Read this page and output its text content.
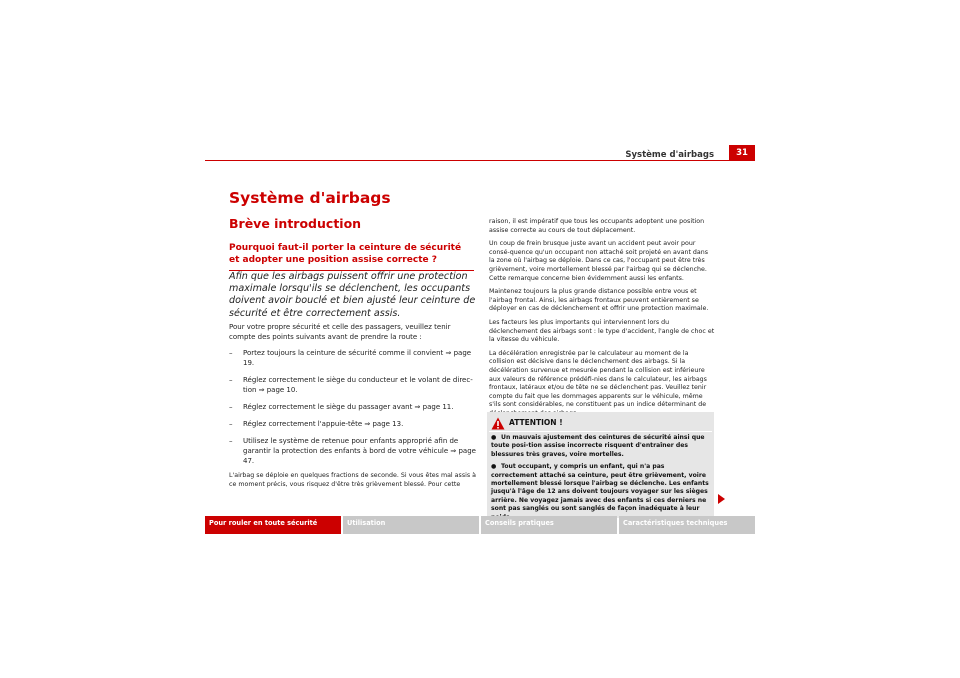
Système d'airbags	31
Système d'airbags
Brève introduction
Pourquoi faut-il porter la ceinture de sécurité et adopter une position assise correcte ?
Afin que les airbags puissent offrir une protection maximale lorsqu'ils se déclenchent, les occupants doivent avoir bouclé et bien ajusté leur ceinture de sécurité et être correctement assis.
Pour votre propre sécurité et celle des passagers, veuillez tenir compte des points suivants avant de prendre la route :
– Portez toujours la ceinture de sécurité comme il convient ⇒ page 19.
– Réglez correctement le siège du conducteur et le volant de direc-tion ⇒ page 10.
– Réglez correctement le siège du passager avant ⇒ page 11.
– Réglez correctement l'appuie-tête ⇒ page 13.
– Utilisez le système de retenue pour enfants approprié afin de garantir la protection des enfants à bord de votre véhicule ⇒ page 47.
L'airbag se déploie en quelques fractions de seconde. Si vous êtes mal assis à ce moment précis, vous risquez d'être très grièvement blessé. Pour cette

raison, il est impératif que tous les occupants adoptent une position assise correcte au cours de tout déplacement.

Un coup de frein brusque juste avant un accident peut avoir pour consé-quence qu'un occupant non attaché soit projeté en avant dans la zone où l'airbag se déploie. Dans ce cas, l'occupant peut être très grièvement, voire mortellement blessé par l'airbag qui se déclenche. Cette remarque concerne bien évidemment aussi les enfants.

Maintenez toujours la plus grande distance possible entre vous et l'airbag frontal. Ainsi, les airbags frontaux peuvent entièrement se déployer en cas de déclenchement et offrir une protection maximale.

Les facteurs les plus importants qui interviennent lors du déclenchement des airbags sont : le type d'accident, l'angle de choc et la vitesse du véhicule.

La décélération enregistrée par le calculateur au moment de la collision est décisive dans le déclenchement des airbags. Si la décélération survenue et mesurée pendant la collision est inférieure aux valeurs de référence prédéfi-nies dans le calculateur, les airbags frontaux, latéraux et/ou de tête ne se déclenchent pas. Veuillez tenir compte du fait que les dommages apparents sur le véhicule, même s'ils sont considérables, ne constituent pas un indice déterminant de

ATTENTION !
● Un mauvais ajustement des ceintures de sécurité ainsi que toute posi-tion assise incorrecte risquent d'entraîner des blessures très graves, voire mortelles.
● Tout occupant, y compris un enfant, qui n'a pas correctement attaché sa ceinture, peut être grièvement, voire mortellement blessé lorsque l'airbag se déclenche. Les enfants jusqu'à l'âge de 12 ans doivent toujours voyager sur les sièges arrière. Ne voyagez jamais avec des enfants si ces derniers ne sont pas sanglés ou sont sanglés de façon inadéquate à leur
Pour rouler en toute sécurité	Utilisation	Conseils pratiques	Caractéristiques techniques
